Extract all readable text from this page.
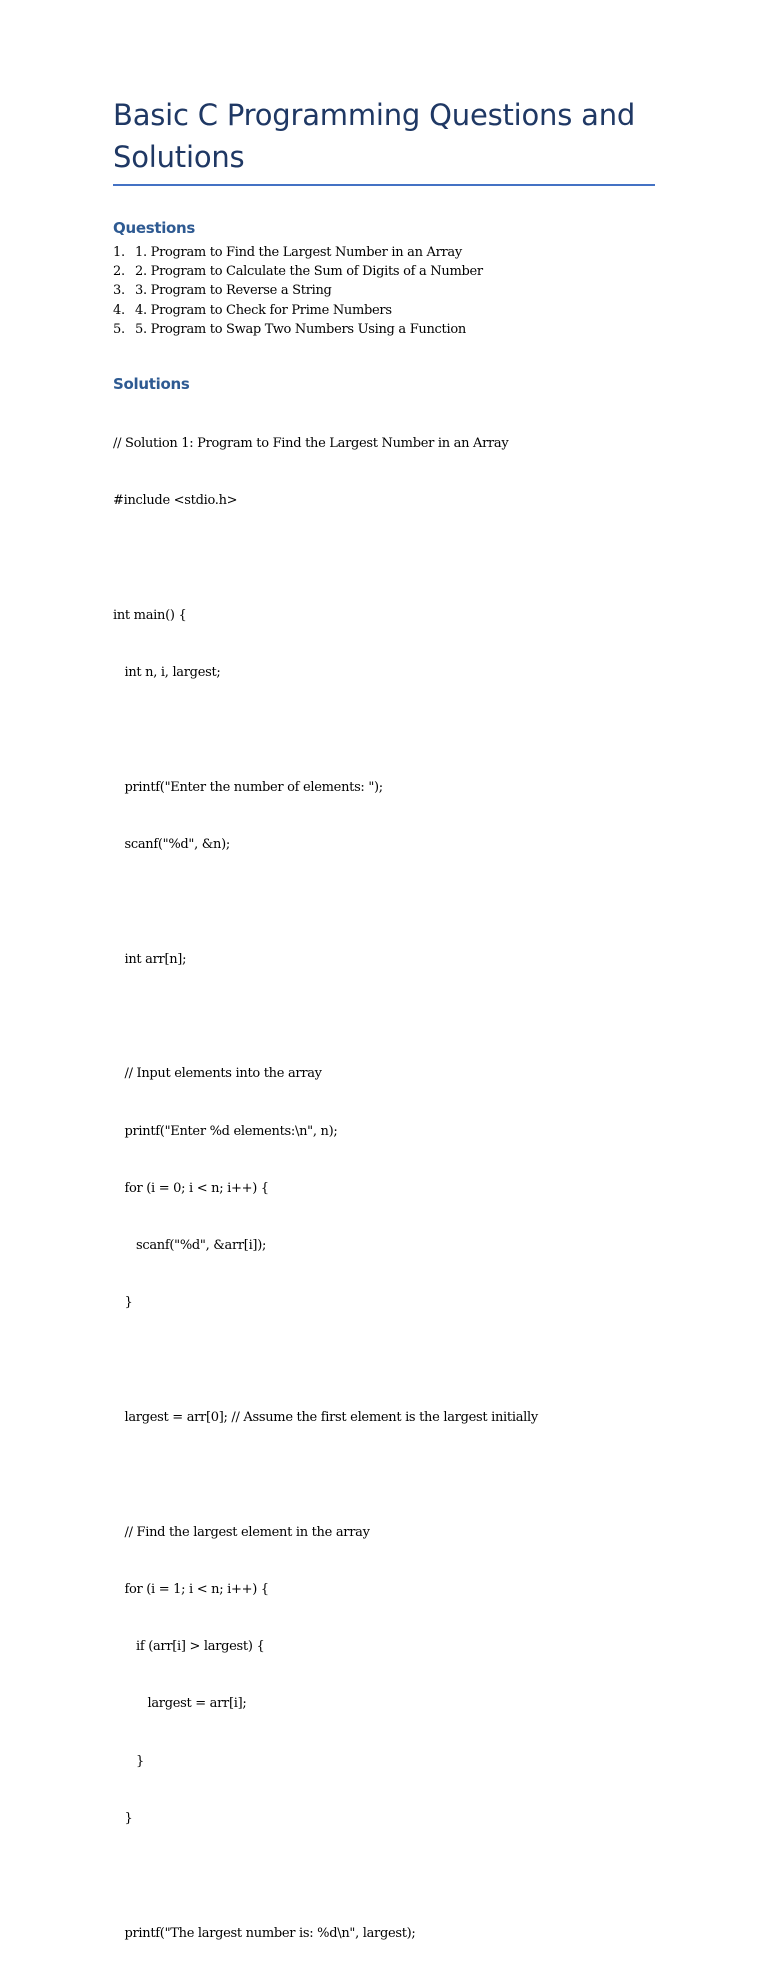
Basic C Programming Questions and Solutions
Questions
1. 1. Program to Find the Largest Number in an Array
2. 2. Program to Calculate the Sum of Digits of a Number
3. 3. Program to Reverse a String
4. 4. Program to Check for Prime Numbers
5. 5. Program to Swap Two Numbers Using a Function
Solutions

// Solution 1: Program to Find the Largest Number in an Array

#include <stdio.h>

int main() {

int n, i, largest;

printf("Enter the number of elements: ");

scanf("%d", &n);

int arr[n];

// Input elements into the array

printf("Enter %d elements:\n", n);

for (i = 0; i < n; i++) {

scanf("%d", &arr[i]);

}

largest = arr[0]; // Assume the first element is the largest initially

// Find the largest element in the array

for (i = 1; i < n; i++) {

if (arr[i] > largest) {

largest = arr[i];

}

}

printf("The largest number is: %d\n", largest);
